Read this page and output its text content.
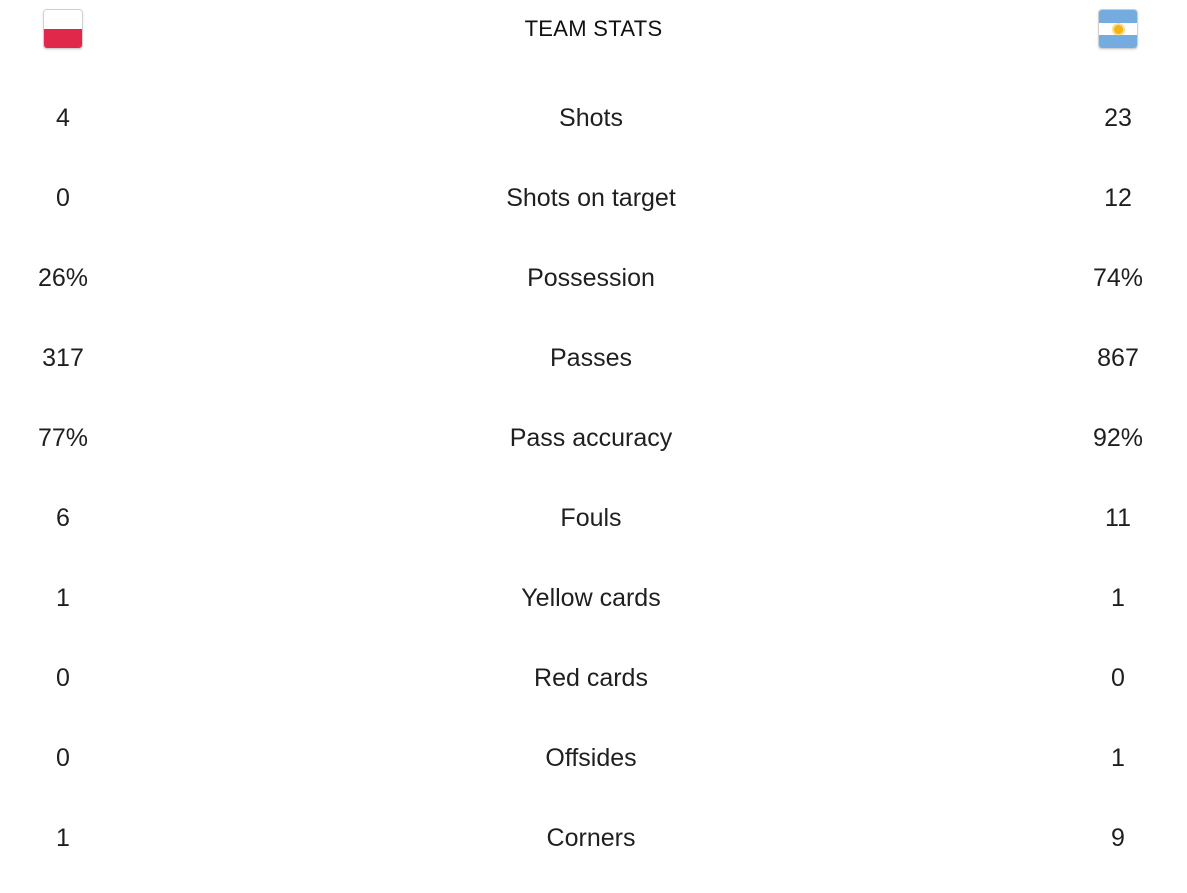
TEAM STATS
4	Shots	23
0	Shots on target	12
26%	Possession	74%
317	Passes	867
77%	Pass accuracy	92%
6	Fouls	11
1	Yellow cards	1
0	Red cards	0
0	Offsides	1
1	Corners	9
